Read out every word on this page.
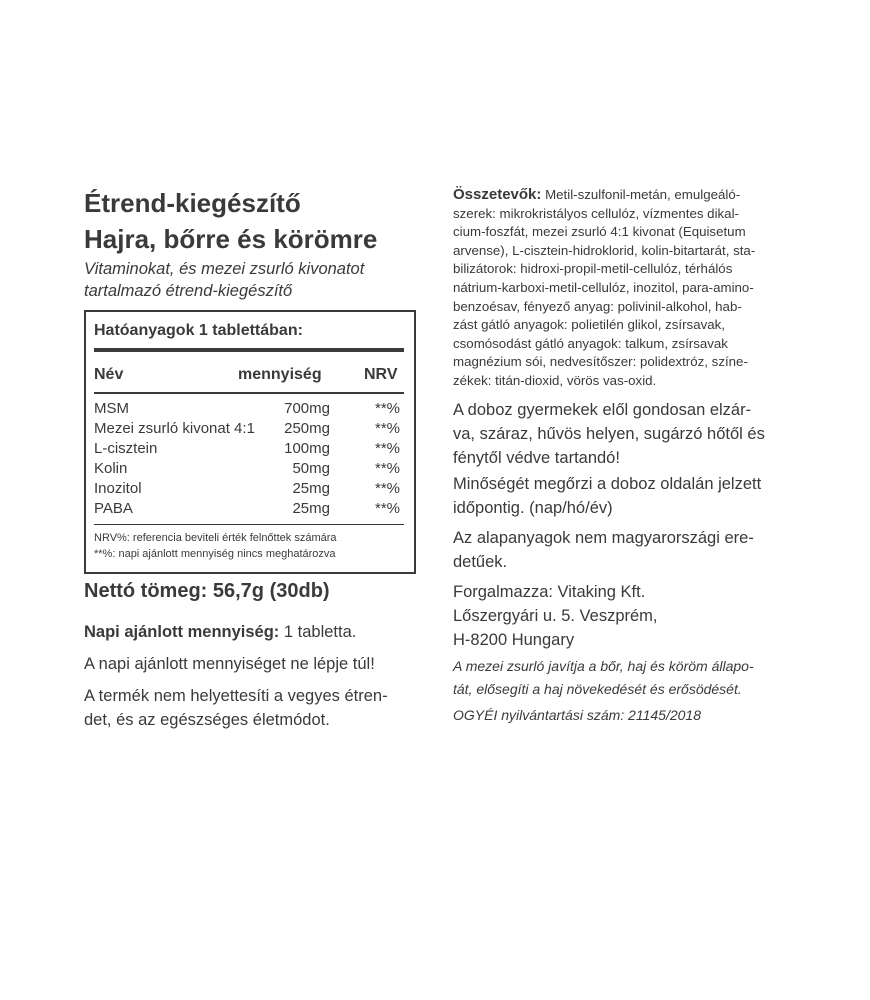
Étrend-kiegészítő
Hajra, bőrre és körömre
Vitaminokat, és mezei zsurló kivonatot
tartalmazó étrend-kiegészítő
Hatóanyagok 1 tablettában:
Név	mennyiség	NRV
MSM	700mg	**%
Mezei zsurló kivonat 4:1 250mg	**%
L-cisztein	100mg	**%
Kolin	50mg	**%
Inozitol	25mg	**%
PABA	25mg	**%
NRV%: referencia beviteli érték felnőttek számára
**%: napi ajánlott mennyiség nincs meghatározva
Nettó tömeg: 56,7g (30db)
Napi ajánlott mennyiség: 1 tabletta.
A napi ajánlott mennyiséget ne lépje túl!
A termék nem helyettesíti a vegyes étren-
det, és az egészséges életmódot.
Összetevők: Metil-szulfonil-metán, emulgeáló-
szerek: mikrokristályos cellulóz, vízmentes dikal-
cium-foszfát, mezei zsurló 4:1 kivonat (Equisetum
arvense), L-cisztein-hidroklorid, kolin-bitartarát, sta-
bilizátorok: hidroxi-propil-metil-cellulóz, térhálós
nátrium-karboxi-metil-cellulóz, inozitol, para-amino-
benzoésav, fényező anyag: polivinil-alkohol, hab-
zást gátló anyagok: polietilén glikol, zsírsavak,
csomósodást gátló anyagok: talkum, zsírsavak
magnézium sói, nedvesítőszer: polidextróz, színe-
zékek: titán-dioxid, vörös vas-oxid.
A doboz gyermekek elől gondosan elzár-
va, száraz, hűvös helyen, sugárzó hőtől és
fénytől védve tartandó!
Minőségét megőrzi a doboz oldalán jelzett
időpontig. (nap/hó/év)
Az alapanyagok nem magyarországi ere-
detűek.
Forgalmazza: Vitaking Kft.
Lőszergyári u. 5. Veszprém,
H-8200 Hungary
A mezei zsurló javítja a bőr, haj és köröm állapo-
tát, elősegíti a haj növekedését és erősödését.
OGYÉI nyilvántartási szám: 21145/2018
